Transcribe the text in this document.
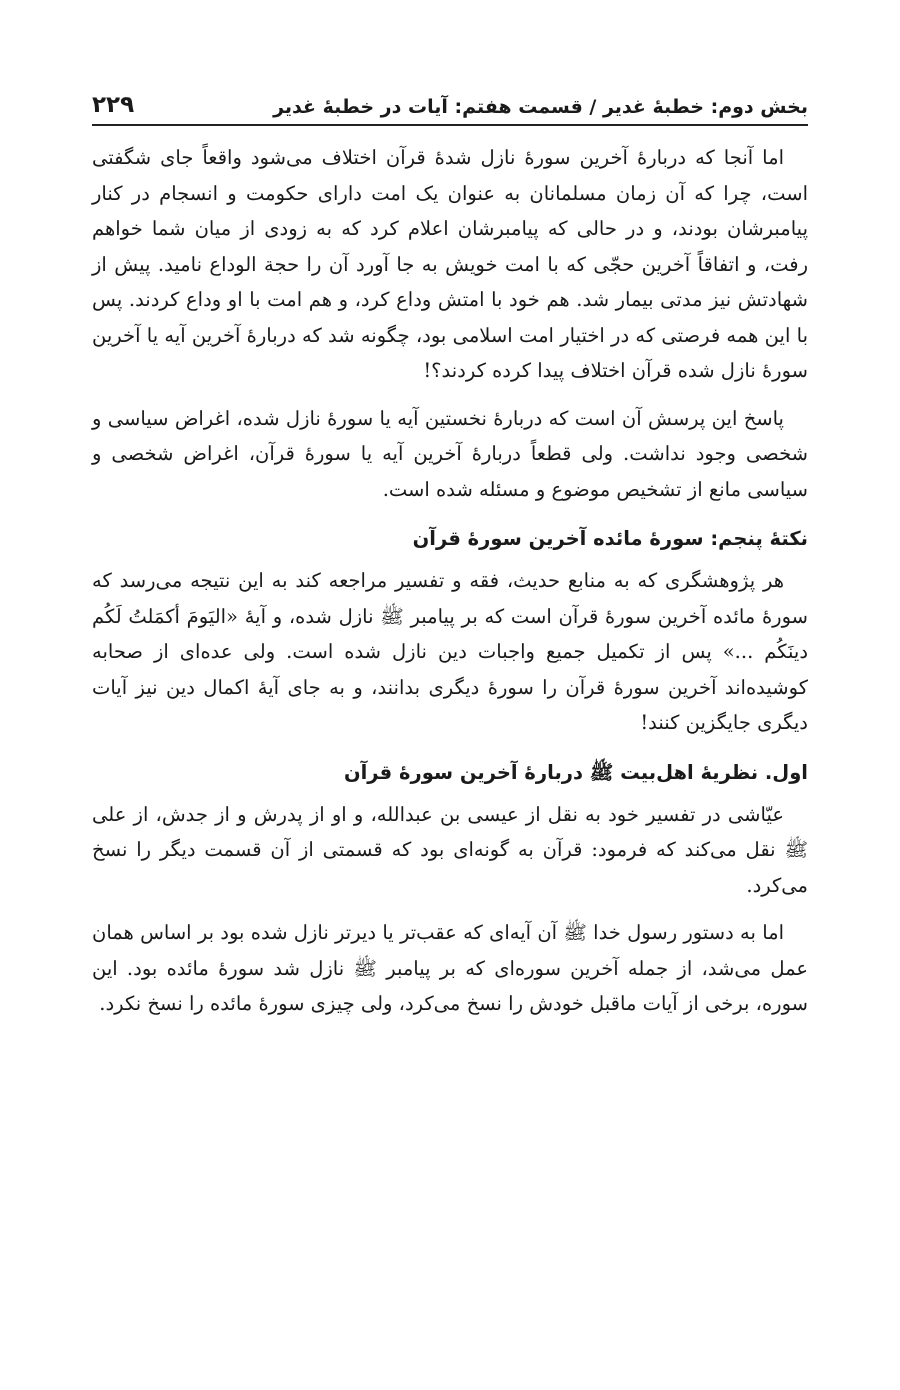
بخش دوم: خطبۀ غدیر / قسمت هفتم: آیات در خطبۀ غدیر
۲۲۹

اما آنجا که دربارۀ آخرین سورۀ نازل شدۀ قرآن اختلاف می‌شود واقعاً جای شگفتی است، چرا که آن زمان مسلمانان به عنوان یک امت دارای حکومت و انسجام در کنار پیامبرشان بودند، و در حالی که پیامبرشان اعلام کرد که به زودی از میان شما خواهم رفت، و اتفاقاً آخرین حجّی که با امت خویش به جا آورد آن را حجة الوداع نامید. پیش از شهادتش نیز مدتی بیمار شد. هم خود با امتش وداع کرد، و هم امت با او وداع کردند. پس با این همه فرصتی که در اختیار امت اسلامی بود، چگونه شد که دربارۀ آخرین آیه یا آخرین سورۀ نازل شده قرآن اختلاف پیدا کرده کردند؟!

پاسخ این پرسش آن است که دربارۀ نخستین آیه یا سورۀ نازل شده، اغراض سیاسی و شخصی وجود نداشت. ولی قطعاً دربارۀ آخرین آیه یا سورۀ قرآن، اغراض شخصی و سیاسی مانع از تشخیص موضوع و مسئله شده است.

نکتۀ پنجم: سورۀ مائده آخرین سورۀ قرآن

هر پژوهشگری که به منابع حدیث، فقه و تفسیر مراجعه کند به این نتیجه می‌رسد که سورۀ مائده آخرین سورۀ قرآن است که بر پیامبر ﷺ نازل شده، و آیۀ «الیَومَ أکمَلتُ لَکُم دینَکُم ...» پس از تکمیل جمیع واجبات دین نازل شده است. ولی عده‌ای از صحابه کوشیده‌اند آخرین سورۀ قرآن را سورۀ دیگری بدانند، و به جای آیۀ اکمال دین نیز آیات دیگری جایگزین کنند!

اول. نظریۀ اهل‌بیت ﷺ دربارۀ آخرین سورۀ قرآن

عیّاشی در تفسیر خود به نقل از عیسی بن عبدالله، و او از پدرش و از جدش، از علی ﷺ نقل می‌کند که فرمود: قرآن به گونه‌ای بود که قسمتی از آن قسمت دیگر را نسخ می‌کرد.

اما به دستور رسول خدا ﷺ آن آیه‌ای که عقب‌تر یا دیرتر نازل شده بود بر اساس همان عمل می‌شد، از جمله آخرین سوره‌ای که بر پیامبر ﷺ نازل شد سورۀ مائده بود. این سوره، برخی از آیات ماقبل خودش را نسخ می‌کرد، ولی چیزی سورۀ مائده را نسخ نکرد.
